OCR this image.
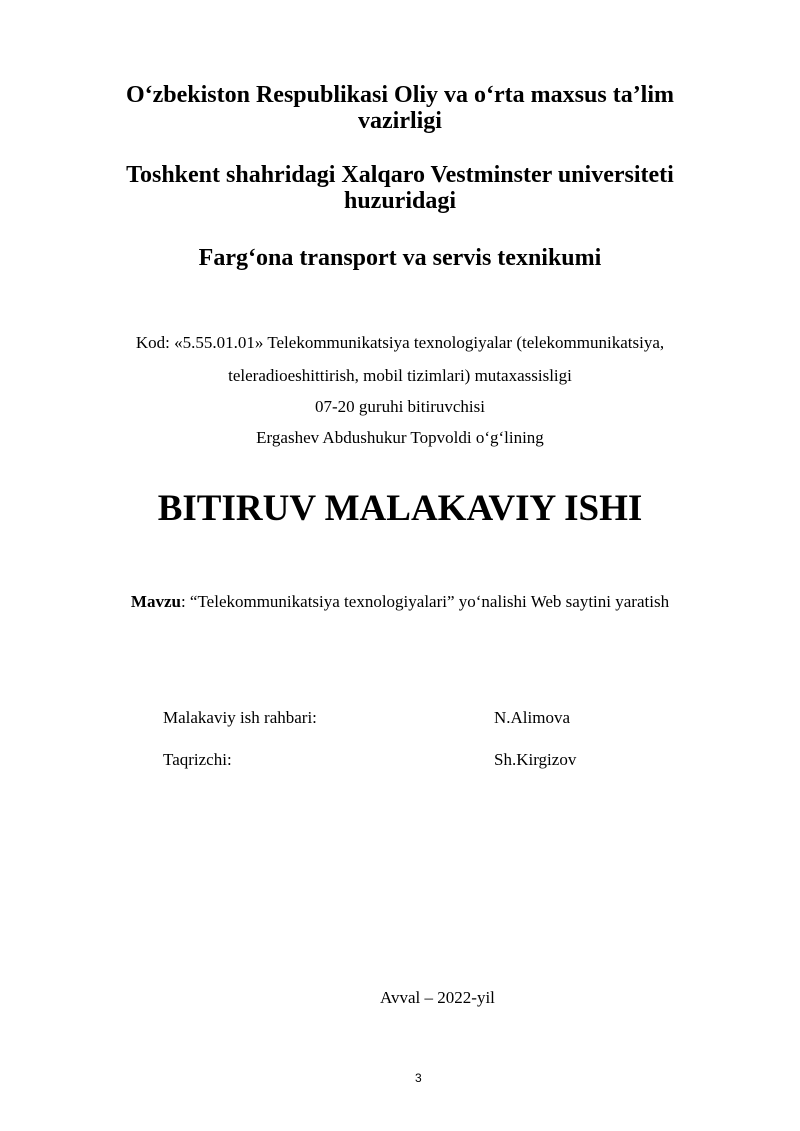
O‘zbekiston Respublikasi Oliy va o‘rta maxsus ta’lim
vazirligi
Toshkent shahridagi Xalqaro Vestminster universiteti
huzuridagi
Farg‘ona transport va servis texnikumi
Kod: «5.55.01.01» Telekommunikatsiya texnologiyalar (telekommunikatsiya,
teleradioeshittirish, mobil tizimlari) mutaxassisligi
07-20 guruhi bitiruvchisi
Ergashev Abdushukur Topvoldi o‘g‘lining
BITIRUV MALAKAVIY ISHI
Mavzu: “Telekommunikatsiya texnologiyalari” yo‘nalishi Web saytini yaratish
Malakaviy ish rahbari:	N.Alimova
Taqrizchi:	Sh.Kirgizov
Avval – 2022-yil
3
